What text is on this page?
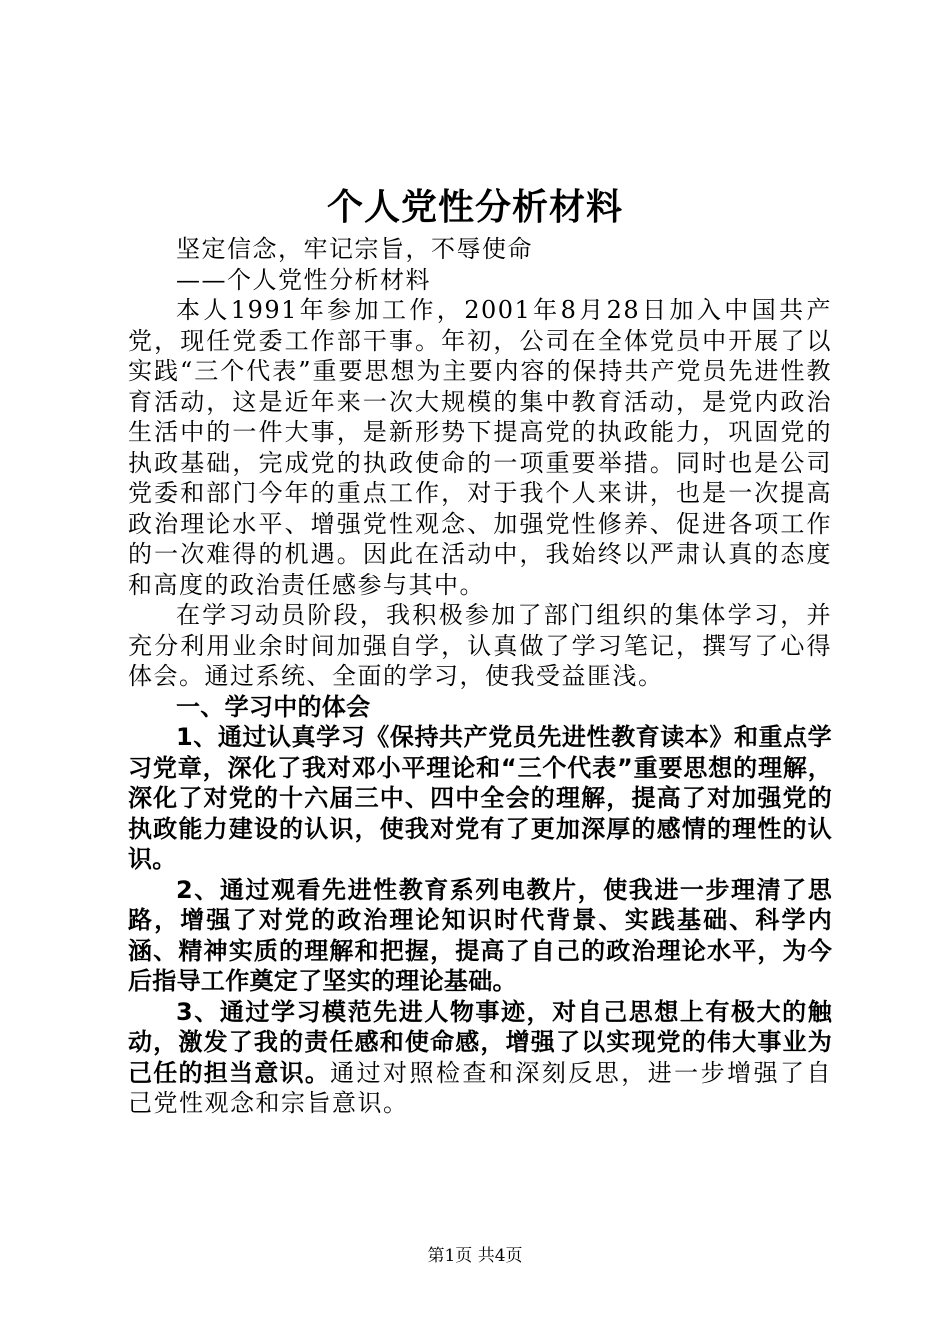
个人党性分析材料

坚定信念，牢记宗旨，不辱使命

——个人党性分析材料

本人1991年参加工作，2001年8月28日加入中国共产党，现任党委工作部干事。年初，公司在全体党员中开展了以实践“三个代表”重要思想为主要内容的保持共产党员先进性教育活动，这是近年来一次大规模的集中教育活动，是党内政治生活中的一件大事，是新形势下提高党的执政能力，巩固党的执政基础，完成党的执政使命的一项重要举措。同时也是公司党委和部门今年的重点工作，对于我个人来讲，也是一次提高政治理论水平、增强党性观念、加强党性修养、促进各项工作的一次难得的机遇。因此在活动中，我始终以严肃认真的态度和高度的政治责任感参与其中。

在学习动员阶段，我积极参加了部门组织的集体学习，并充分利用业余时间加强自学，认真做了学习笔记，撰写了心得体会。通过系统、全面的学习，使我受益匪浅。

一、学习中的体会

1、通过认真学习《保持共产党员先进性教育读本》和重点学习党章，深化了我对邓小平理论和“三个代表”重要思想的理解，深化了对党的十六届三中、四中全会的理解，提高了对加强党的执政能力建设的认识，使我对党有了更加深厚的感情的理性的认识。

2、通过观看先进性教育系列电教片，使我进一步理清了思路，增强了对党的政治理论知识时代背景、实践基础、科学内涵、精神实质的理解和把握，提高了自己的政治理论水平，为今后指导工作奠定了坚实的理论基础。

3、通过学习模范先进人物事迹，对自己思想上有极大的触动，激发了我的责任感和使命感，增强了以实现党的伟大事业为己任的担当意识。通过对照检查和深刻反思，进一步增强了自己党性观念和宗旨意识。

第1页 共4页
